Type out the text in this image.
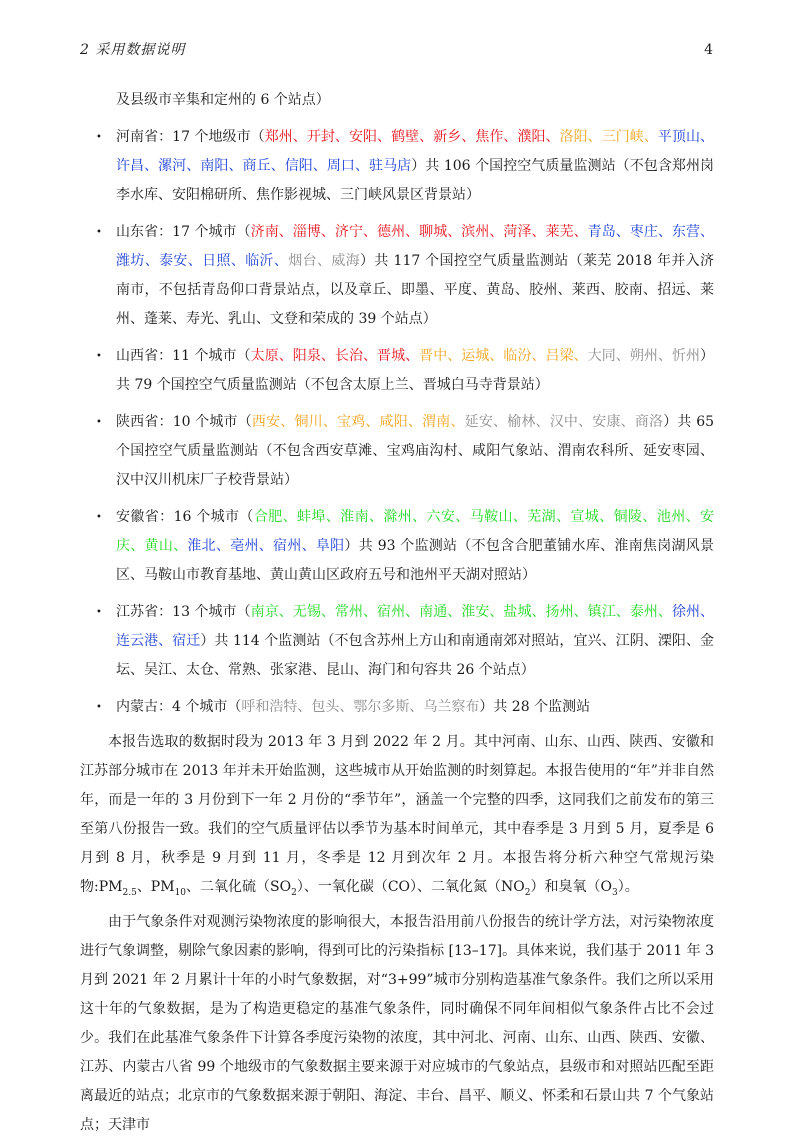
2 采用数据说明	4

及县级市辛集和定州的 6 个站点）

• 河南省：17 个地级市（郑州、开封、安阳、鹤壁、新乡、焦作、濮阳、洛阳、三门峡、平顶山、许昌、漯河、南阳、商丘、信阳、周口、驻马店）共 106 个国控空气质量监测站（不包含郑州岗李水库、安阳棉研所、焦作影视城、三门峡风景区背景站）
• 山东省：17 个城市（济南、淄博、济宁、德州、聊城、滨州、菏泽、莱芜、青岛、枣庄、东营、潍坊、泰安、日照、临沂、烟台、威海）共 117 个国控空气质量监测站（莱芜 2018 年并入济南市，不包括青岛仰口背景站点，以及章丘、即墨、平度、黄岛、胶州、莱西、胶南、招远、莱州、蓬莱、寿光、乳山、文登和荣成的 39 个站点）
• 山西省：11 个城市（太原、阳泉、长治、晋城、晋中、运城、临汾、吕梁、大同、朔州、忻州）共 79 个国控空气质量监测站（不包含太原上兰、晋城白马寺背景站）
• 陕西省：10 个城市（西安、铜川、宝鸡、咸阳、渭南、延安、榆林、汉中、安康、商洛）共 65 个国控空气质量监测站（不包含西安草滩、宝鸡庙沟村、咸阳气象站、渭南农科所、延安枣园、汉中汉川机床厂子校背景站）
• 安徽省：16 个城市（合肥、蚌埠、淮南、滁州、六安、马鞍山、芜湖、宣城、铜陵、池州、安庆、黄山、淮北、亳州、宿州、阜阳）共 93 个监测站（不包含合肥董铺水库、淮南焦岗湖风景区、马鞍山市教育基地、黄山黄山区政府五号和池州平天湖对照站）
• 江苏省：13 个城市（南京、无锡、常州、宿州、南通、淮安、盐城、扬州、镇江、泰州、徐州、连云港、宿迁）共 114 个监测站（不包含苏州上方山和南通南郊对照站，宜兴、江阴、溧阳、金坛、吴江、太仓、常熟、张家港、昆山、海门和句容共 26 个站点）
• 内蒙古：4 个城市（呼和浩特、包头、鄂尔多斯、乌兰察布）共 28 个监测站

本报告选取的数据时段为 2013 年 3 月到 2022 年 2 月。其中河南、山东、山西、陕西、安徽和江苏部分城市在 2013 年并未开始监测，这些城市从开始监测的时刻算起。本报告使用的“年”并非自然年，而是一年的 3 月份到下一年 2 月份的“季节年”，涵盖一个完整的四季，这同我们之前发布的第三至第八份报告一致。我们的空气质量评估以季节为基本时间单元，其中春季是 3 月到 5 月，夏季是 6 月到 8 月，秋季是 9 月到 11 月，冬季是 12 月到次年 2 月。本报告将分析六种空气常规污染物$:PM_{2.5}$、$PM_{10}$、二氧化硫$(SO_2)$、一氧化碳（CO）、二氧化氮$(NO_2)$和臭氧$(O_3)$。

由于气象条件对观测污染物浓度的影响很大，本报告沿用前八份报告的统计学方法，对污染物浓度进行气象调整，剔除气象因素的影响，得到可比的污染指标 [13–17]。具体来说，我们基于 2011 年 3 月到 2021 年 2 月累计十年的小时气象数据，对“3+99”城市分别构造基准气象条件。我们之所以采用这十年的气象数据，是为了构造更稳定的基准气象条件，同时确保不同年间相似气象条件占比不会过少。我们在此基准气象条件下计算各季度污染物的浓度，其中河北、河南、山东、山西、陕西、安徽、江苏、内蒙古八省 99 个地级市的气象数据主要来源于对应城市的气象站点，县级市和对照站匹配至距离最近的站点；北京市的气象数据来源于朝阳、海淀、丰台、昌平、顺义、怀柔和石景山共 7 个气象站点；天津市
